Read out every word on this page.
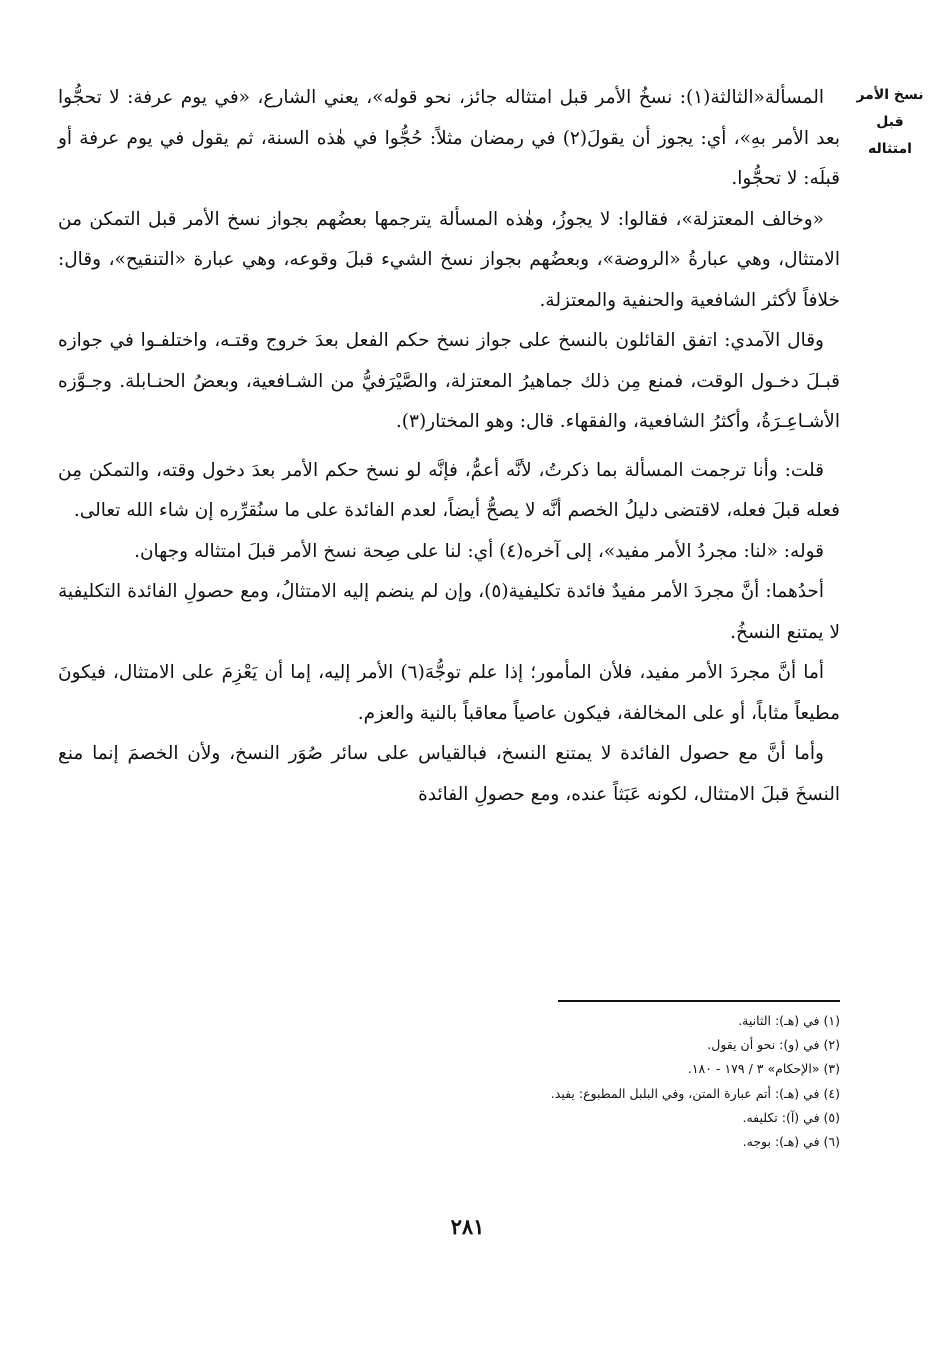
نسخ الأمر قبل امتثاله

المسألة«الثالثة(١): نسخُ الأمر قبل امتثاله جائز، نحو قوله»، يعني الشارع، «في يوم عرفة: لا تحجُّوا بعد الأمر بهِ»، أي: يجوز أن يقولَ(٢) في رمضان مثلاً: حُجُّوا في هٰذه السنة، ثم يقول في يوم عرفة أو قبلَه: لا تحجُّوا.

«وخالف المعتزلة»، فقالوا: لا يجوزُ، وهٰذه المسألة يترجمها بعضُهم بجواز نسخ الأمر قبل التمكن من الامتثال، وهي عبارةُ «الروضة»، وبعضُهم بجواز نسخ الشيء قبلَ وقوعه، وهي عبارة «التنقيح»، وقال: خلافاً لأكثر الشافعية والحنفية والمعتزلة.

وقال الآمدي: اتفق القائلون بالنسخ على جواز نسخ حكم الفعل بعدَ خروج وقتـه، واختلفـوا في جوازه قبـلَ دخـول الوقت، فمنع مِن ذلك جماهيرُ المعتزلة، والصَّيْرَفيُّ من الشـافعية، وبعضُ الحنـابلة. وجـوَّزه الأشـاعِـرَةُ، وأكثرُ الشافعية، والفقهاء. قال: وهو المختار(٣).

قلت: وأنا ترجمت المسألة بما ذكرتُ، لأنَّه أعمُّ، فإنَّه لو نسخ حكم الأمر بعدَ دخول وقته، والتمكن مِن فعله قبلَ فعله، لاقتضى دليلُ الخصم أنَّه لا يصحُّ أيضاً، لعدم الفائدة على ما سنُقرِّره إن شاء الله تعالى.

قوله: «لنا: مجردُ الأمر مفيد»، إلى آخره(٤) أي: لنا على صِحة نسخ الأمر قبلَ امتثاله وجهان.

أحدُهما: أنَّ مجردَ الأمر مفيدٌ فائدة تكليفية(٥)، وإن لم ينضم إليه الامتثالُ، ومع حصولِ الفائدة التكليفية لا يمتنع النسخُ.

أما أنَّ مجردَ الأمر مفيد، فلأن المأمور؛ إذا علم توجُّهَ(٦) الأمر إليه، إما أن يَعْزِمَ على الامتثال، فيكونَ مطيعاً مثاباً، أو على المخالفة، فيكون عاصياً معاقباً بالنية والعزم.

وأما أنَّ مع حصول الفائدة لا يمتنع النسخ، فبالقياس على سائر صُوَر النسخ، ولأن الخصمَ إنما منع النسخَ قبلَ الامتثال، لكونه عَبَثاً عنده، ومع حصولِ الفائدة

(١) في (هـ): الثانية.
(٢) في (و): نحو أن يقول.
(٣) «الإحكام» ٣ / ١٧٩ - ١٨٠.
(٤) في (هـ): أتم عبارة المتن، وفي البلبل المطبوع: يفيد.
(٥) في (آ): تكليفه.
(٦) في (هـ): بوجه.

٢٨١
